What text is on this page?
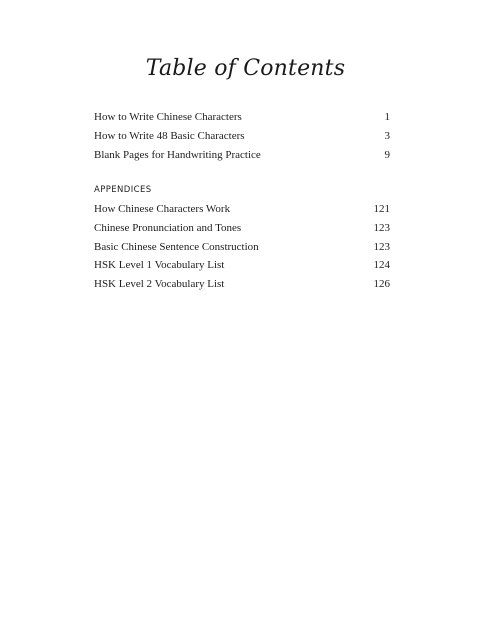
Table of Contents
How to Write Chinese Characters	1
How to Write 48 Basic Characters	3
Blank Pages for Handwriting Practice	9
APPENDICES
How Chinese Characters Work	121
Chinese Pronunciation and Tones	123
Basic Chinese Sentence Construction	123
HSK Level 1 Vocabulary List	124
HSK Level 2 Vocabulary List	126
